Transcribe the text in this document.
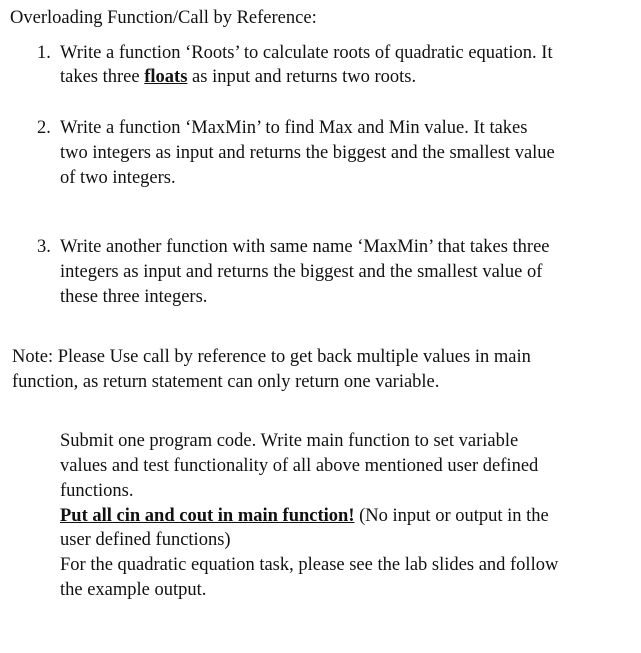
Overloading Function/Call by Reference:
1. Write a function ‘Roots’ to calculate roots of quadratic equation. It
takes three floats as input and returns two roots.
2. Write a function ‘MaxMin’ to find Max and Min value. It takes
two integers as input and returns the biggest and the smallest value
of two integers.
3. Write another function with same name ‘MaxMin’ that takes three
integers as input and returns the biggest and the smallest value of
these three integers.
Note: Please Use call by reference to get back multiple values in main
function, as return statement can only return one variable.
Submit one program code. Write main function to set variable
values and test functionality of all above mentioned user defined
functions.
Put all cin and cout in main function! (No input or output in the
user defined functions)
For the quadratic equation task, please see the lab slides and follow
the example output.
